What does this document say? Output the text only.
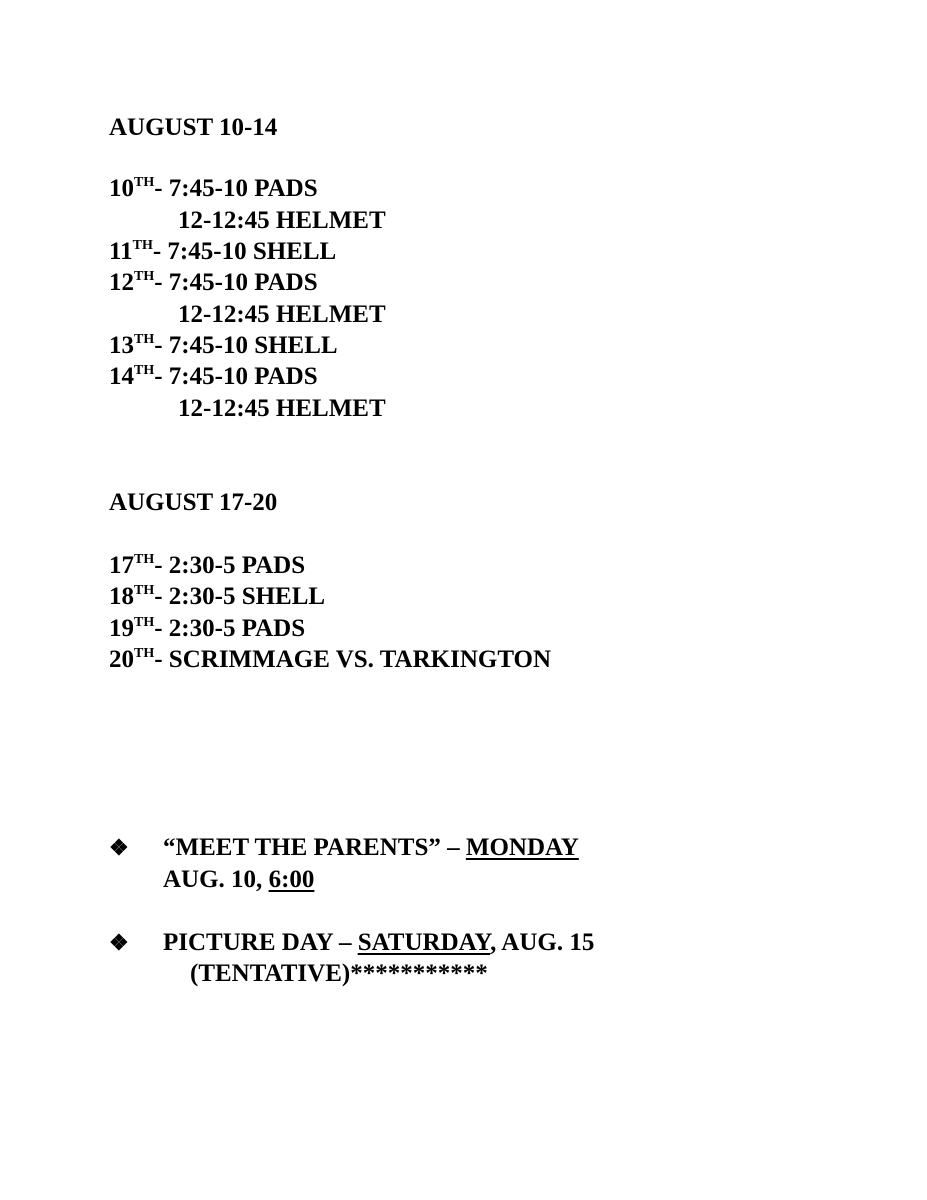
AUGUST 10-14
10TH- 7:45-10 PADS
12-12:45 HELMET
11TH- 7:45-10 SHELL
12TH- 7:45-10 PADS
12-12:45 HELMET
13TH- 7:45-10 SHELL
14TH- 7:45-10 PADS
12-12:45 HELMET
AUGUST 17-20
17TH- 2:30-5 PADS
18TH- 2:30-5 SHELL
19TH- 2:30-5 PADS
20TH- SCRIMMAGE VS. TARKINGTON
❖ “MEET THE PARENTS” – MONDAY
AUG. 10, 6:00
❖ PICTURE DAY – SATURDAY, AUG. 15
(TENTATIVE)***********
